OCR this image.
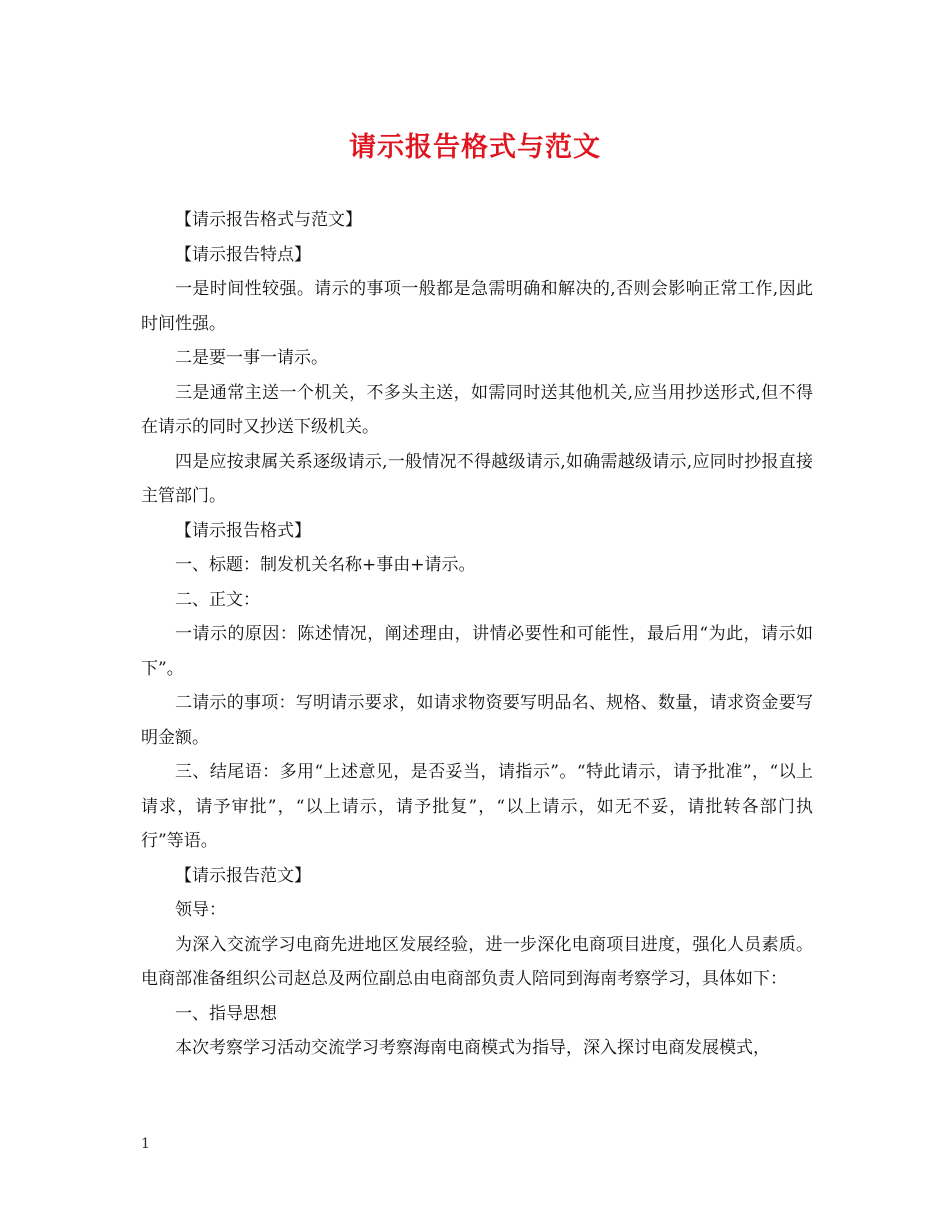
请示报告格式与范文

【请示报告格式与范文】

【请示报告特点】

一是时间性较强。请示的事项一般都是急需明确和解决的,否则会影响正常工作,因此时间性强。

二是要一事一请示。

三是通常主送一个机关，不多头主送，如需同时送其他机关,应当用抄送形式,但不得在请示的同时又抄送下级机关。

四是应按隶属关系逐级请示,一般情况不得越级请示,如确需越级请示,应同时抄报直接主管部门。

【请示报告格式】

一、标题：制发机关名称+事由+请示。

二、正文：

一请示的原因：陈述情况，阐述理由，讲情必要性和可能性，最后用“为此，请示如下”。

二请示的事项：写明请示要求，如请求物资要写明品名、规格、数量，请求资金要写明金额。

三、结尾语：多用“上述意见，是否妥当，请指示”。“特此请示，请予批准”，“以上请求，请予审批”，“以上请示，请予批复”，“以上请示，如无不妥，请批转各部门执行”等语。

【请示报告范文】

领导：

为深入交流学习电商先进地区发展经验，进一步深化电商项目进度，强化人员素质。电商部准备组织公司赵总及两位副总由电商部负责人陪同到海南考察学习，具体如下：

一、指导思想

本次考察学习活动交流学习考察海南电商模式为指导，深入探讨电商发展模式，

1
